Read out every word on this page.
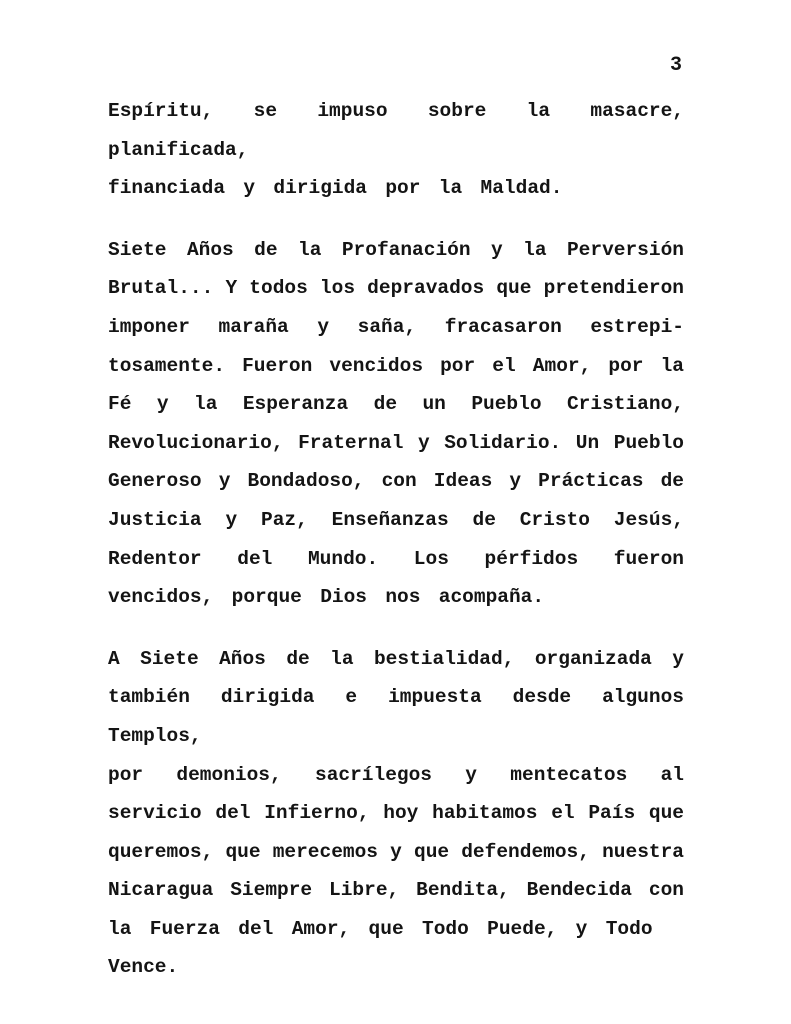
3
Espíritu, se impuso sobre la masacre, planificada,
financiada y dirigida por la Maldad.
Siete Años de la Profanación y la Perversión
Brutal... Y todos los depravados que pretendieron
imponer maraña y saña, fracasaron estrepi-
tosamente. Fueron vencidos por el Amor, por la
Fé y la Esperanza de un Pueblo Cristiano,
Revolucionario, Fraternal y Solidario. Un Pueblo
Generoso y Bondadoso, con Ideas y Prácticas de
Justicia y Paz, Enseñanzas de Cristo Jesús,
Redentor del Mundo. Los pérfidos fueron
vencidos, porque Dios nos acompaña.
A Siete Años de la bestialidad, organizada y
también dirigida e impuesta desde algunos Templos,
por demonios, sacrílegos y mentecatos al
servicio del Infierno, hoy habitamos el País que
queremos, que merecemos y que defendemos, nuestra
Nicaragua Siempre Libre, Bendita, Bendecida con
la Fuerza del Amor, que Todo Puede, y Todo Vence.
